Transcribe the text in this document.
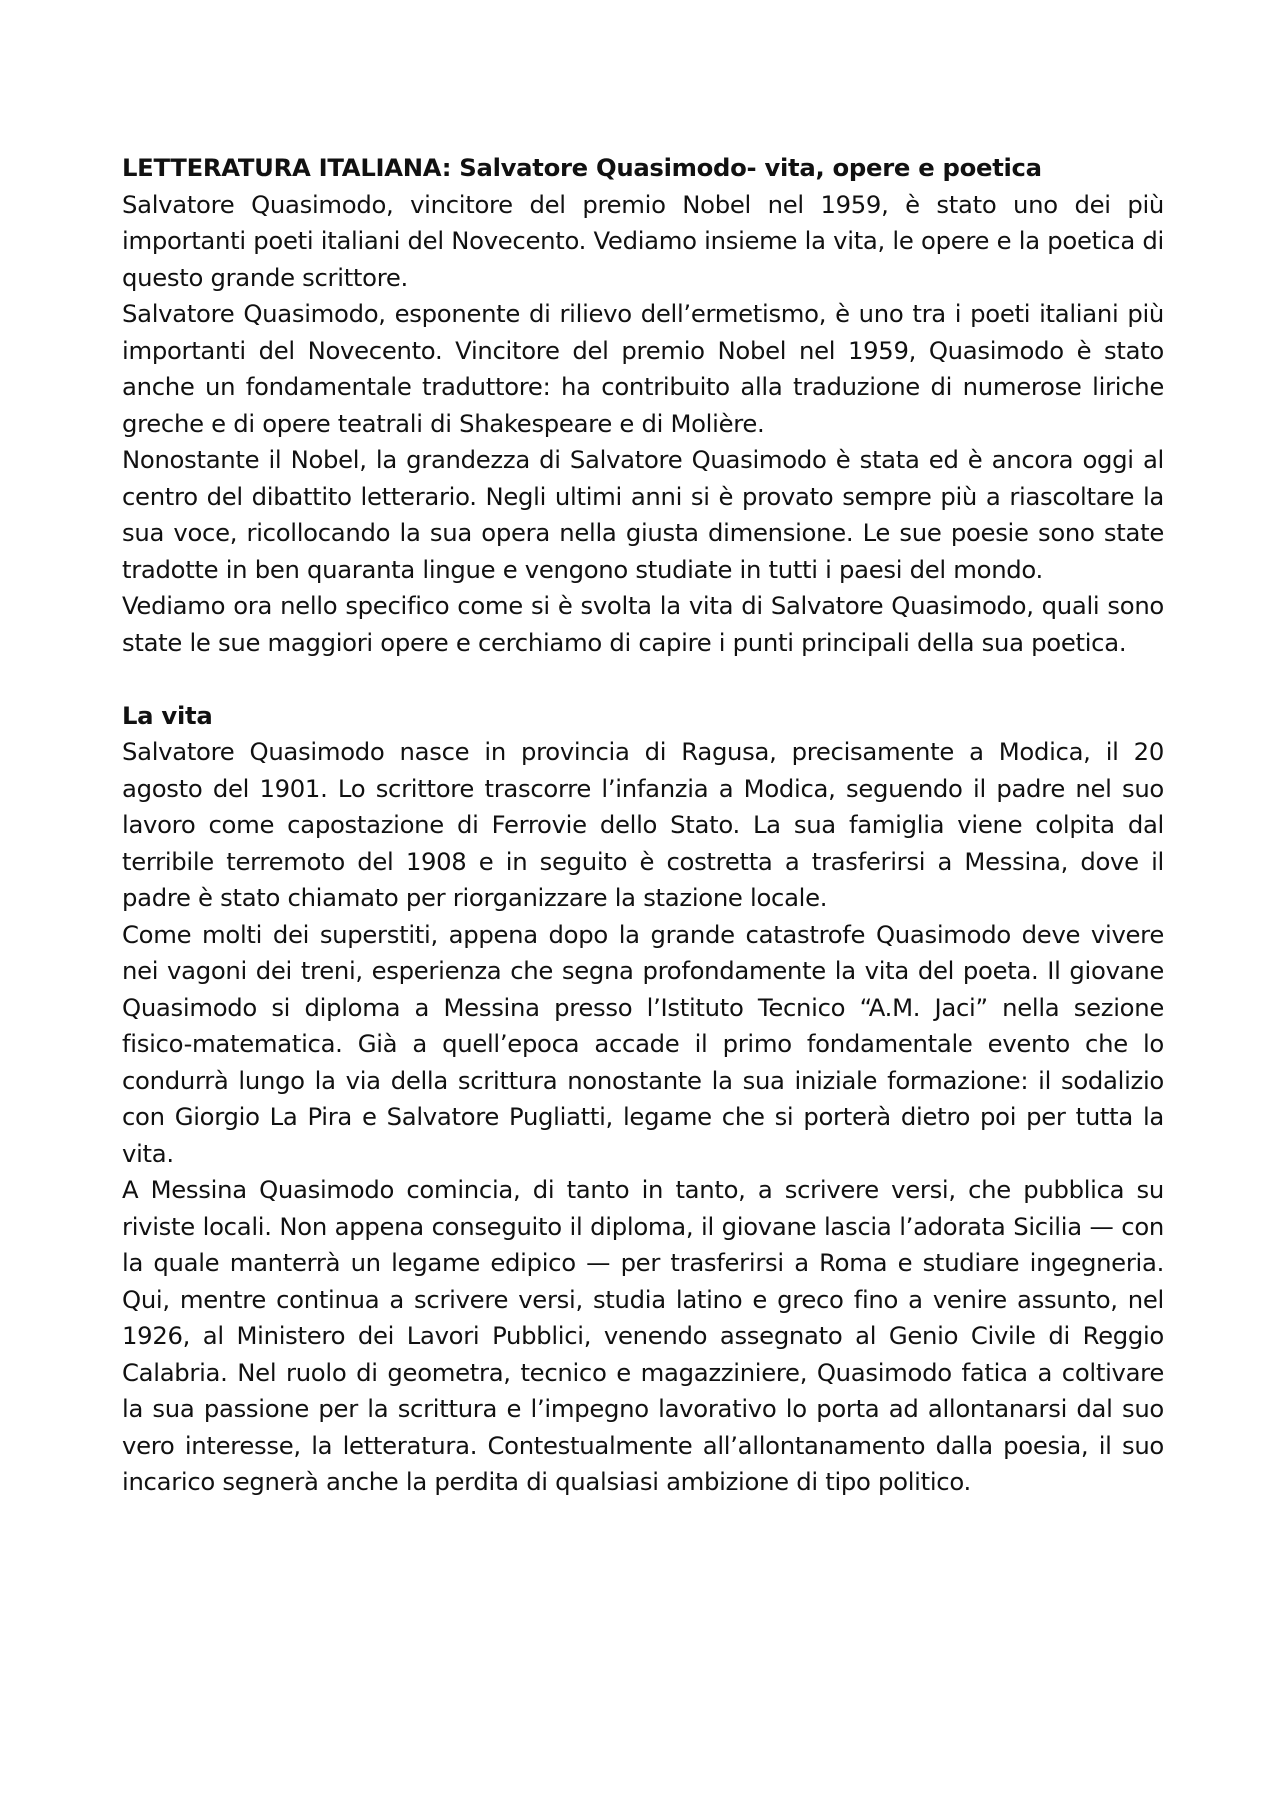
LETTERATURA ITALIANA: Salvatore Quasimodo- vita, opere e poetica

Salvatore Quasimodo, vincitore del premio Nobel nel 1959, è stato uno dei più importanti poeti italiani del Novecento. Vediamo insieme la vita, le opere e la poetica di questo grande scrittore.

Salvatore Quasimodo, esponente di rilievo dell’ermetismo, è uno tra i poeti italiani più importanti del Novecento. Vincitore del premio Nobel nel 1959, Quasimodo è stato anche un fondamentale traduttore: ha contribuito alla traduzione di numerose liriche greche e di opere teatrali di Shakespeare e di Molière.

Nonostante il Nobel, la grandezza di Salvatore Quasimodo è stata ed è ancora oggi al centro del dibattito letterario. Negli ultimi anni si è provato sempre più a riascoltare la sua voce, ricollocando la sua opera nella giusta dimensione. Le sue poesie sono state tradotte in ben quaranta lingue e vengono studiate in tutti i paesi del mondo.

Vediamo ora nello specifico come si è svolta la vita di Salvatore Quasimodo, quali sono state le sue maggiori opere e cerchiamo di capire i punti principali della sua poetica.

La vita

Salvatore Quasimodo nasce in provincia di Ragusa, precisamente a Modica, il 20 agosto del 1901. Lo scrittore trascorre l’infanzia a Modica, seguendo il padre nel suo lavoro come capostazione di Ferrovie dello Stato. La sua famiglia viene colpita dal terribile terremoto del 1908 e in seguito è costretta a trasferirsi a Messina, dove il padre è stato chiamato per riorganizzare la stazione locale.

Come molti dei superstiti, appena dopo la grande catastrofe Quasimodo deve vivere nei vagoni dei treni, esperienza che segna profondamente la vita del poeta. Il giovane Quasimodo si diploma a Messina presso l’Istituto Tecnico “A.M. Jaci” nella sezione fisico-matematica. Già a quell’epoca accade il primo fondamentale evento che lo condurrà lungo la via della scrittura nonostante la sua iniziale formazione: il sodalizio con Giorgio La Pira e Salvatore Pugliatti, legame che si porterà dietro poi per tutta la vita.

A Messina Quasimodo comincia, di tanto in tanto, a scrivere versi, che pubblica su riviste locali. Non appena conseguito il diploma, il giovane lascia l’adorata Sicilia — con la quale manterrà un legame edipico — per trasferirsi a Roma e studiare ingegneria. Qui, mentre continua a scrivere versi, studia latino e greco fino a venire assunto, nel 1926, al Ministero dei Lavori Pubblici, venendo assegnato al Genio Civile di Reggio Calabria. Nel ruolo di geometra, tecnico e magazziniere, Quasimodo fatica a coltivare la sua passione per la scrittura e l’impegno lavorativo lo porta ad allontanarsi dal suo vero interesse, la letteratura. Contestualmente all’allontanamento dalla poesia, il suo incarico segnerà anche la perdita di qualsiasi ambizione di tipo politico.
